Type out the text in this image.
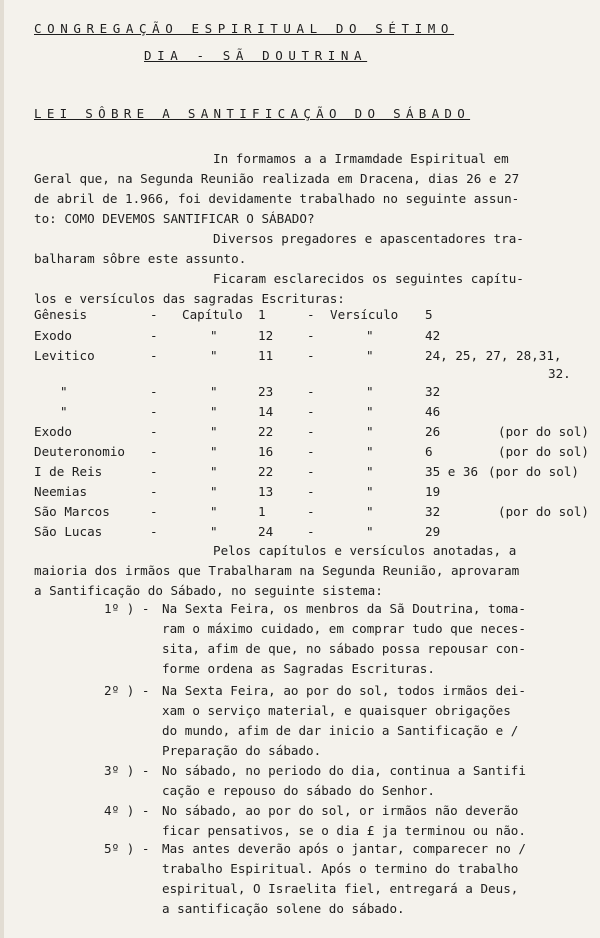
CONGREGAÇÃO ESPIRITUAL DO SÉTIMO
DIA - SÃ DOUTRINA
LEI SÔBRE A SANTIFICAÇÃO DO SÁBADO
In formamos a a Irmamdade Espiritual em
Geral que, na Segunda Reunião realizada em Dracena, dias 26 e 27
de abril de 1.966, foi devidamente trabalhado no seguinte assun-
to: COMO DEVEMOS SANTIFICAR O SÁBADO?
Diversos pregadores e apascentadores tra-
balharam sôbre este assunto.
Ficaram esclarecidos os seguintes capítu-
los e versículos das sagradas Escrituras:
Gênesis	- Capítulo 1	- Versículo 5
Exodo	-	"	12	-	"	42
Levitico	-	"	11	-	"	24, 25, 27, 28,31,
32.
"	-	"	23	-	"	32
"	-	"	14	-	"	46
Exodo	-	"	22	-	"	26	(por do sol)
Deuteronomio -	"	16	-	"	6	(por do sol)
I de Reis	-	"	22	-	"	35 e 36 (por do sol)
Neemias	-	"	13	-	"	19
São Marcos	-	"	1	-	"	32	(por do sol)
São Lucas	-	"	24	-	"	29
Pelos capítulos e versículos anotadas, a
maioria dos irmãos que Trabalharam na Segunda Reunião, aprovaram
a Santificação do Sábado, no seguinte sistema:
1º ) - Na Sexta Feira, os menbros da Sã Doutrina, toma-
ram o máximo cuidado, em comprar tudo que neces-
sita, afim de que, no sábado possa repousar con-
forme ordena as Sagradas Escrituras.
2º ) - Na Sexta Feira, ao por do sol, todos irmãos dei-
xam o serviço material, e quaisquer obrigações
do mundo, afim de dar inicio a Santificação e /
Preparação do sábado.
3º ) - No sábado, no periodo do dia, continua a Santifi
cação e repouso do sábado do Senhor.
4º ) - No sábado, ao por do sol, or irmãos não deverão
ficar pensativos, se o dia £ ja terminou ou não.
5º ) - Mas antes deverão após o jantar, comparecer no /
trabalho Espiritual. Após o termino do trabalho
espiritual, O Israelita fiel, entregará a Deus,
a santificação solene do sábado.
